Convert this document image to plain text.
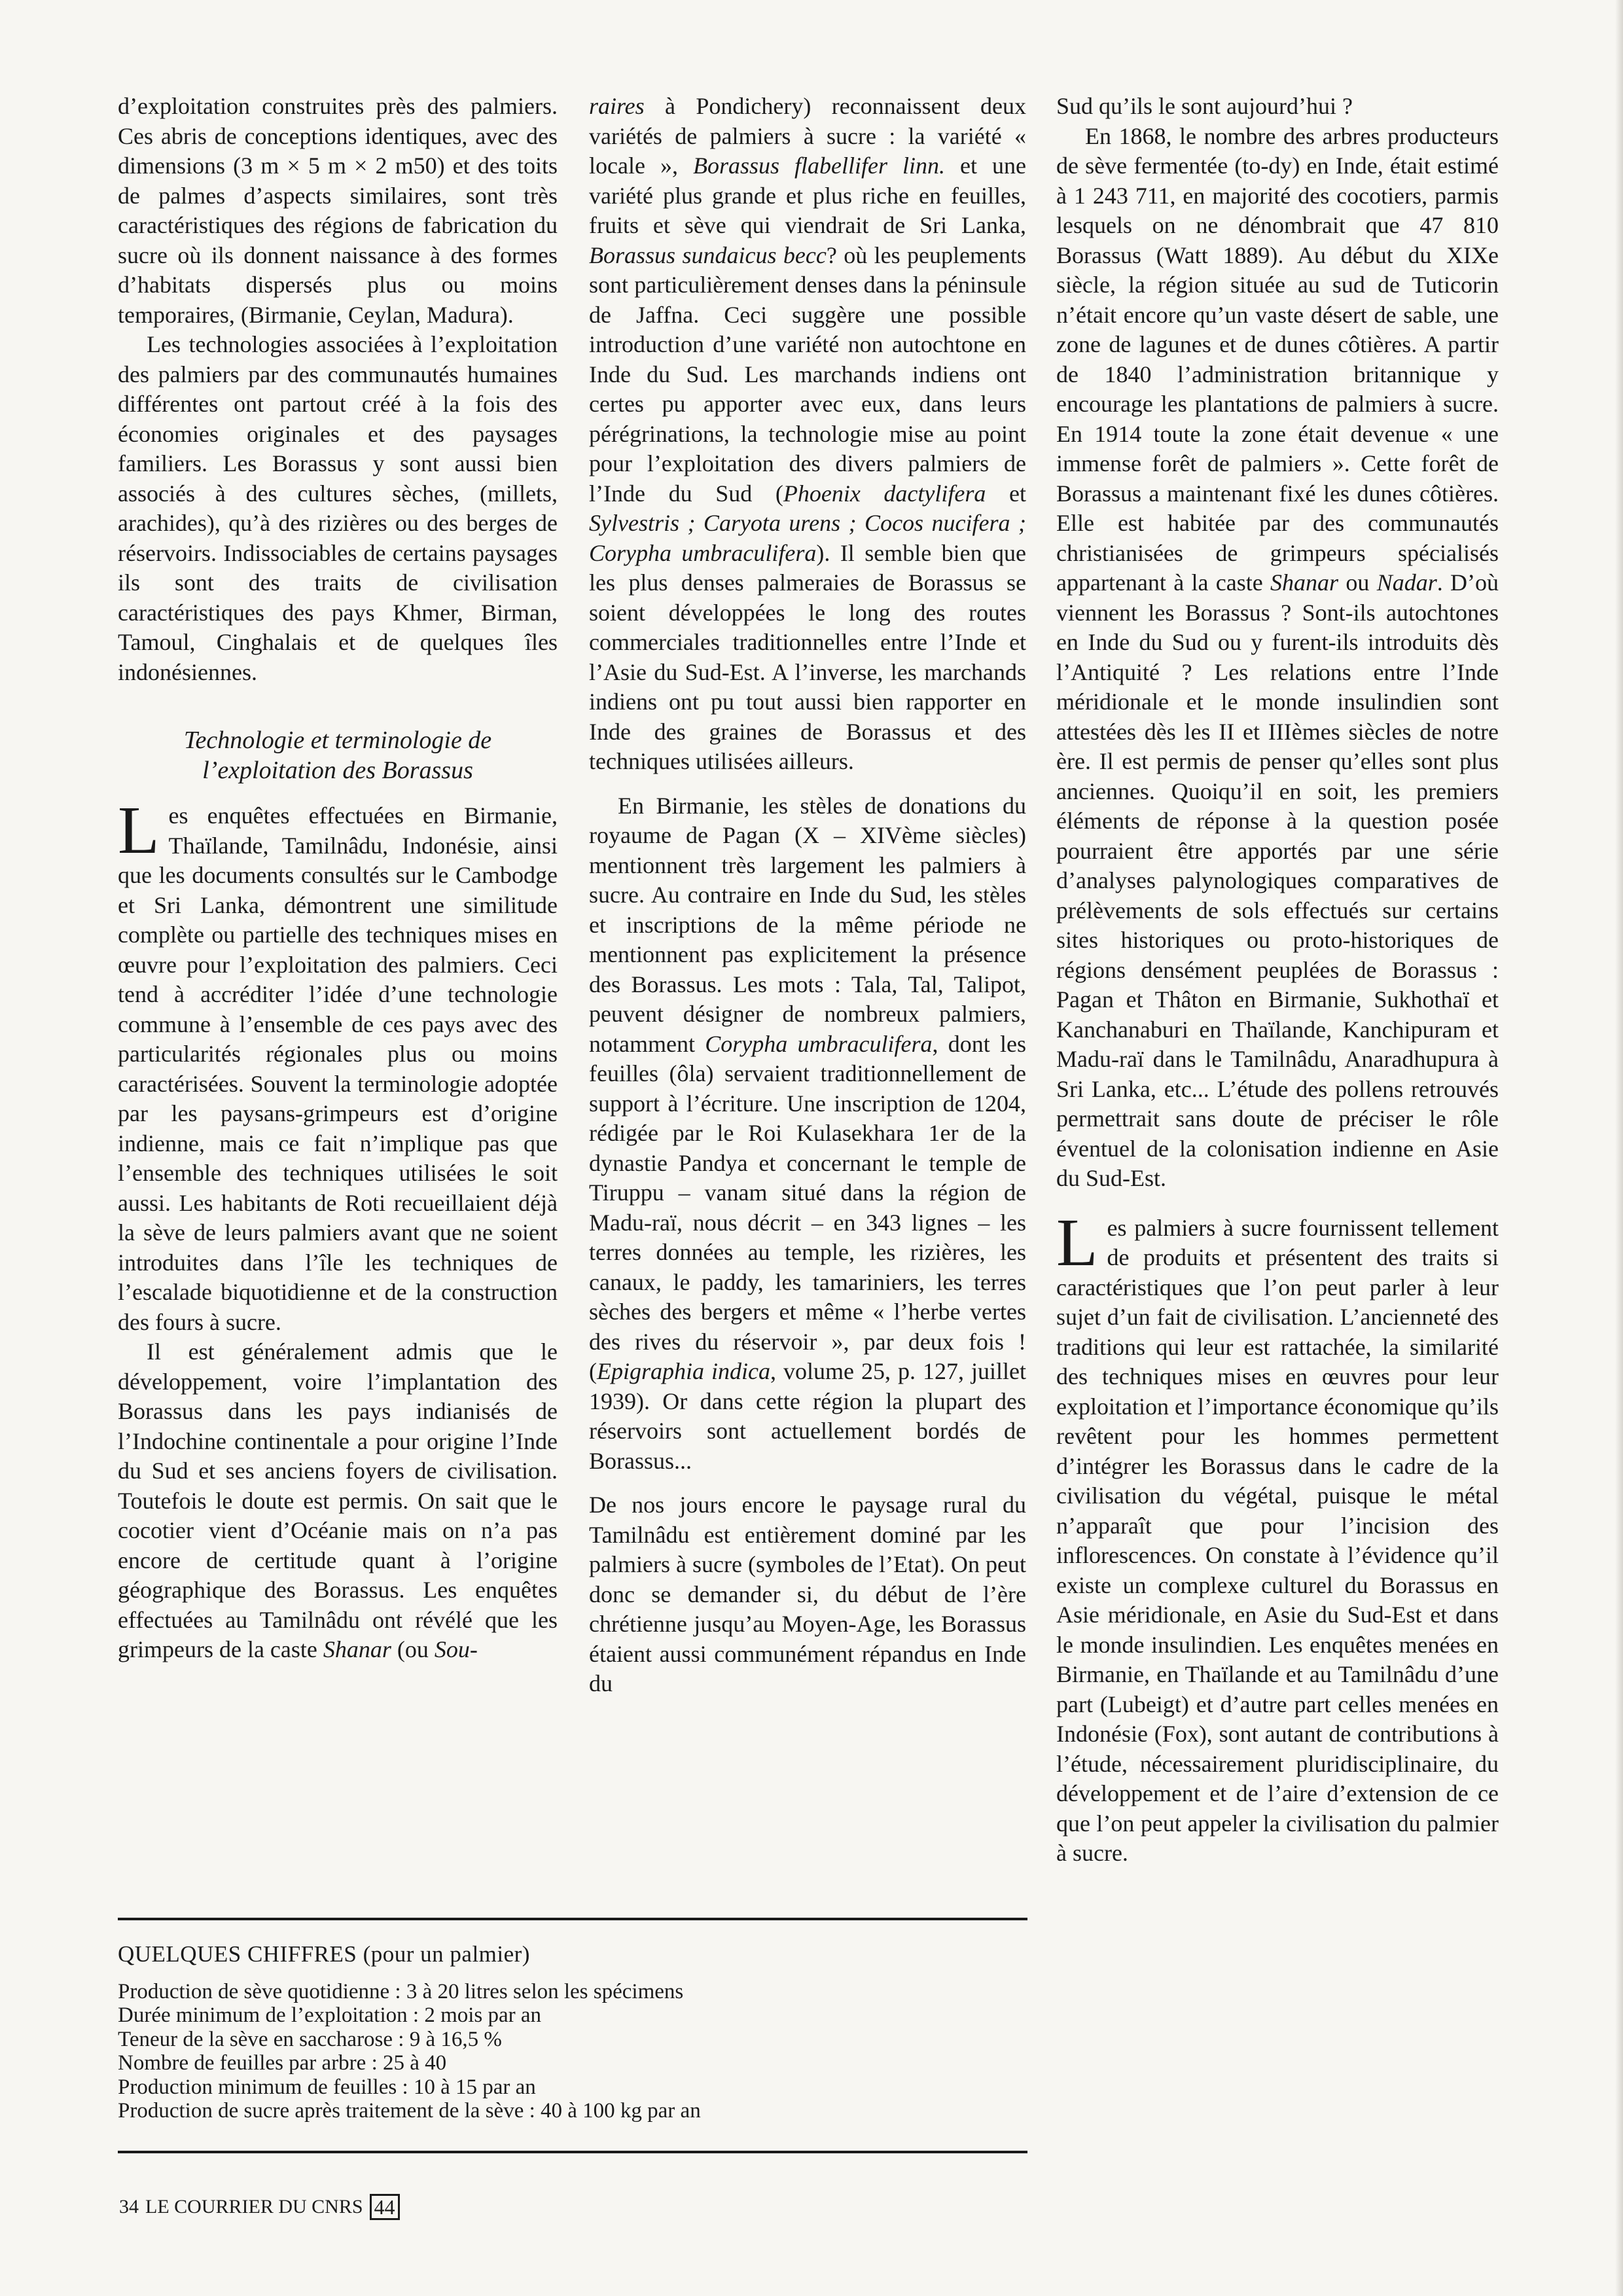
d’exploitation construites près des palmiers. Ces abris de conceptions identiques, avec des dimensions (3 m × 5 m × 2 m50) et des toits de palmes d’aspects similaires, sont très caractéristiques des régions de fabrication du sucre où ils donnent naissance à des formes d’habitats dispersés plus ou moins temporaires, (Birmanie, Ceylan, Madura).

Les technologies associées à l’exploitation des palmiers par des communautés humaines différentes ont partout créé à la fois des économies originales et des paysages familiers. Les Borassus y sont aussi bien associés à des cultures sèches, (millets, arachides), qu’à des rizières ou des berges de réservoirs. Indissociables de certains paysages ils sont des traits de civilisation caractéristiques des pays Khmer, Birman, Tamoul, Cinghalais et de quelques îles indonésiennes.

Technologie et terminologie de
l’exploitation des Borassus

Les enquêtes effectuées en Birmanie, Thaïlande, Tamilnâdu, Indonésie, ainsi que les documents consultés sur le Cambodge et Sri Lanka, démontrent une similitude complète ou partielle des techniques mises en œuvre pour l’exploitation des palmiers. Ceci tend à accréditer l’idée d’une technologie commune à l’ensemble de ces pays avec des particularités régionales plus ou moins caractérisées. Souvent la terminologie adoptée par les paysans-grimpeurs est d’origine indienne, mais ce fait n’implique pas que l’ensemble des techniques utilisées le soit aussi. Les habitants de Roti recueillaient déjà la sève de leurs palmiers avant que ne soient introduites dans l’île les techniques de l’escalade biquotidienne et de la construction des fours à sucre.

Il est généralement admis que le développement, voire l’implantation des Borassus dans les pays indianisés de l’Indochine continentale a pour origine l’Inde du Sud et ses anciens foyers de civilisation. Toutefois le doute est permis. On sait que le cocotier vient d’Océanie mais on n’a pas encore de certitude quant à l’origine géographique des Borassus. Les enquêtes effectuées au Tamilnâdu ont révélé que les grimpeurs de la caste Shanar (ou Sou-

raires à Pondichery) reconnaissent deux variétés de palmiers à sucre : la variété « locale », Borassus flabellifer linn. et une variété plus grande et plus riche en feuilles, fruits et sève qui viendrait de Sri Lanka, Borassus sundaicus becc? où les peuplements sont particulièrement denses dans la péninsule de Jaffna. Ceci suggère une possible introduction d’une variété non autochtone en Inde du Sud. Les marchands indiens ont certes pu apporter avec eux, dans leurs pérégrinations, la technologie mise au point pour l’exploitation des divers palmiers de l’Inde du Sud (Phoenix dactylifera et Sylvestris ; Caryota urens ; Cocos nucifera ; Corypha umbraculifera). Il semble bien que les plus denses palmeraies de Borassus se soient développées le long des routes commerciales traditionnelles entre l’Inde et l’Asie du Sud-Est. A l’inverse, les marchands indiens ont pu tout aussi bien rapporter en Inde des graines de Borassus et des techniques utilisées ailleurs.

En Birmanie, les stèles de donations du royaume de Pagan (X – XIVème siècles) mentionnent très largement les palmiers à sucre. Au contraire en Inde du Sud, les stèles et inscriptions de la même période ne mentionnent pas explicitement la présence des Borassus. Les mots : Tala, Tal, Talipot, peuvent désigner de nombreux palmiers, notamment Corypha umbraculifera, dont les feuilles (ôla) servaient traditionnellement de support à l’écriture. Une inscription de 1204, rédigée par le Roi Kulasekhara 1er de la dynastie Pandya et concernant le temple de Tiruppu – vanam situé dans la région de Madu-raï, nous décrit – en 343 lignes – les terres données au temple, les rizières, les canaux, le paddy, les tamariniers, les terres sèches des bergers et même « l’herbe vertes des rives du réservoir », par deux fois ! (Epigraphia indica, volume 25, p. 127, juillet 1939). Or dans cette région la plupart des réservoirs sont actuellement bordés de Borassus...

De nos jours encore le paysage rural du Tamilnâdu est entièrement dominé par les palmiers à sucre (symboles de l’Etat). On peut donc se demander si, du début de l’ère chrétienne jusqu’au Moyen-Age, les Borassus étaient aussi communément répandus en Inde du

Sud qu’ils le sont aujourd’hui ?

En 1868, le nombre des arbres producteurs de sève fermentée (to‑dy) en Inde, était estimé à 1 243 711, en majorité des cocotiers, parmis lesquels on ne dénombrait que 47 810 Borassus (Watt 1889). Au début du XIXe siècle, la région située au sud de Tuticorin n’était encore qu’un vaste désert de sable, une zone de lagunes et de dunes côtières. A partir de 1840 l’administration britannique y encourage les plantations de palmiers à sucre. En 1914 toute la zone était devenue « une immense forêt de palmiers ». Cette forêt de Borassus a maintenant fixé les dunes côtières. Elle est habitée par des communautés christianisées de grimpeurs spécialisés appartenant à la caste Shanar ou Nadar. D’où viennent les Borassus ? Sont-ils autochtones en Inde du Sud ou y furent-ils introduits dès l’Antiquité ? Les relations entre l’Inde méridionale et le monde insulindien sont attestées dès les II et IIIèmes siècles de notre ère. Il est permis de penser qu’elles sont plus anciennes. Quoiqu’il en soit, les premiers éléments de réponse à la question posée pourraient être apportés par une série d’analyses palynologiques comparatives de prélèvements de sols effectués sur certains sites historiques ou proto-historiques de régions densément peuplées de Borassus : Pagan et Thâton en Birmanie, Sukhothaï et Kanchanaburi en Thaïlande, Kanchipuram et Madu-raï dans le Tamilnâdu, Anaradhupura à Sri Lanka, etc... L’étude des pollens retrouvés permettrait sans doute de préciser le rôle éventuel de la colonisation indienne en Asie du Sud-Est.

Les palmiers à sucre fournissent tellement de produits et présentent des traits si caractéristiques que l’on peut parler à leur sujet d’un fait de civilisation. L’ancienneté des traditions qui leur est rattachée, la similarité des techniques mises en œuvres pour leur exploitation et l’importance économique qu’ils revêtent pour les hommes permettent d’intégrer les Borassus dans le cadre de la civilisation du végétal, puisque le métal n’apparaît que pour l’incision des inflorescences. On constate à l’évidence qu’il existe un complexe culturel du Borassus en Asie méridionale, en Asie du Sud-Est et dans le monde insulindien. Les enquêtes menées en Birmanie, en Thaïlande et au Tamilnâdu d’une part (Lubeigt) et d’autre part celles menées en Indonésie (Fox), sont autant de contributions à l’étude, nécessairement pluridisciplinaire, du développement et de l’aire d’extension de ce que l’on peut appeler la civilisation du palmier à sucre.

QUELQUES CHIFFRES (pour un palmier)
Production de sève quotidienne : 3 à 20 litres selon les spécimens
Durée minimum de l’exploitation : 2 mois par an
Teneur de la sève en saccharose : 9 à 16,5 %
Nombre de feuilles par arbre : 25 à 40
Production minimum de feuilles : 10 à 15 par an
Production de sucre après traitement de la sève : 40 à 100 kg par an
34 LE COURRIER DU CNRS 44
